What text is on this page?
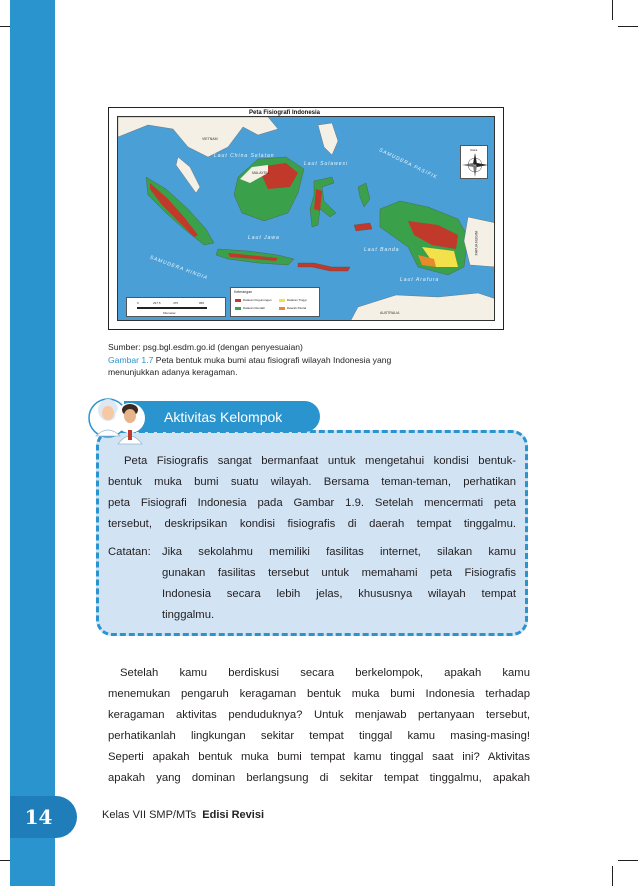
14
Peta Fisiografi Indonesia
VIETNAM
Laut China Selatan
MALAYSIA
Laut Sulawesi	SAMUDERA PASIFIK
Laut Jawa
Laut Banda
SAMUDERA HINDIA	Laut Arafura
AUSTRALIA
PAPUA NUGINI
Utara
0	237,5	475	950
Kilometer
Keterangan
Dataran Pegunungan
Dataran Rendah
Dataran Tinggi
Daerah Pantai
Sumber: psg.bgl.esdm.go.id (dengan penyesuaian)
Gambar 1.7 Peta bentuk muka bumi atau fisiografi wilayah Indonesia yang
menunjukkan adanya keragaman.
Aktivitas Kelompok
Peta Fisiografis sangat bermanfaat untuk mengetahui kondisi bentuk-
bentuk muka bumi suatu wilayah. Bersama teman-teman, perhatikan
peta Fisiografi Indonesia pada Gambar 1.9. Setelah mencermati peta
tersebut, deskripsikan kondisi fisiografis di daerah tempat tinggalmu.
Catatan: Jika sekolahmu memiliki fasilitas internet, silakan kamu
gunakan fasilitas tersebut untuk memahami peta Fisiografis
Indonesia secara lebih jelas, khususnya wilayah tempat
tinggalmu.
Setelah kamu berdiskusi secara berkelompok, apakah kamu
menemukan pengaruh keragaman bentuk muka bumi Indonesia terhadap
keragaman aktivitas penduduknya? Untuk menjawab pertanyaan tersebut,
perhatikanlah lingkungan sekitar tempat tinggal kamu masing-masing!
Seperti apakah bentuk muka bumi tempat kamu tinggal saat ini? Aktivitas
apakah yang dominan berlangsung di sekitar tempat tinggalmu, apakah
Kelas VII SMP/MTs Edisi Revisi
